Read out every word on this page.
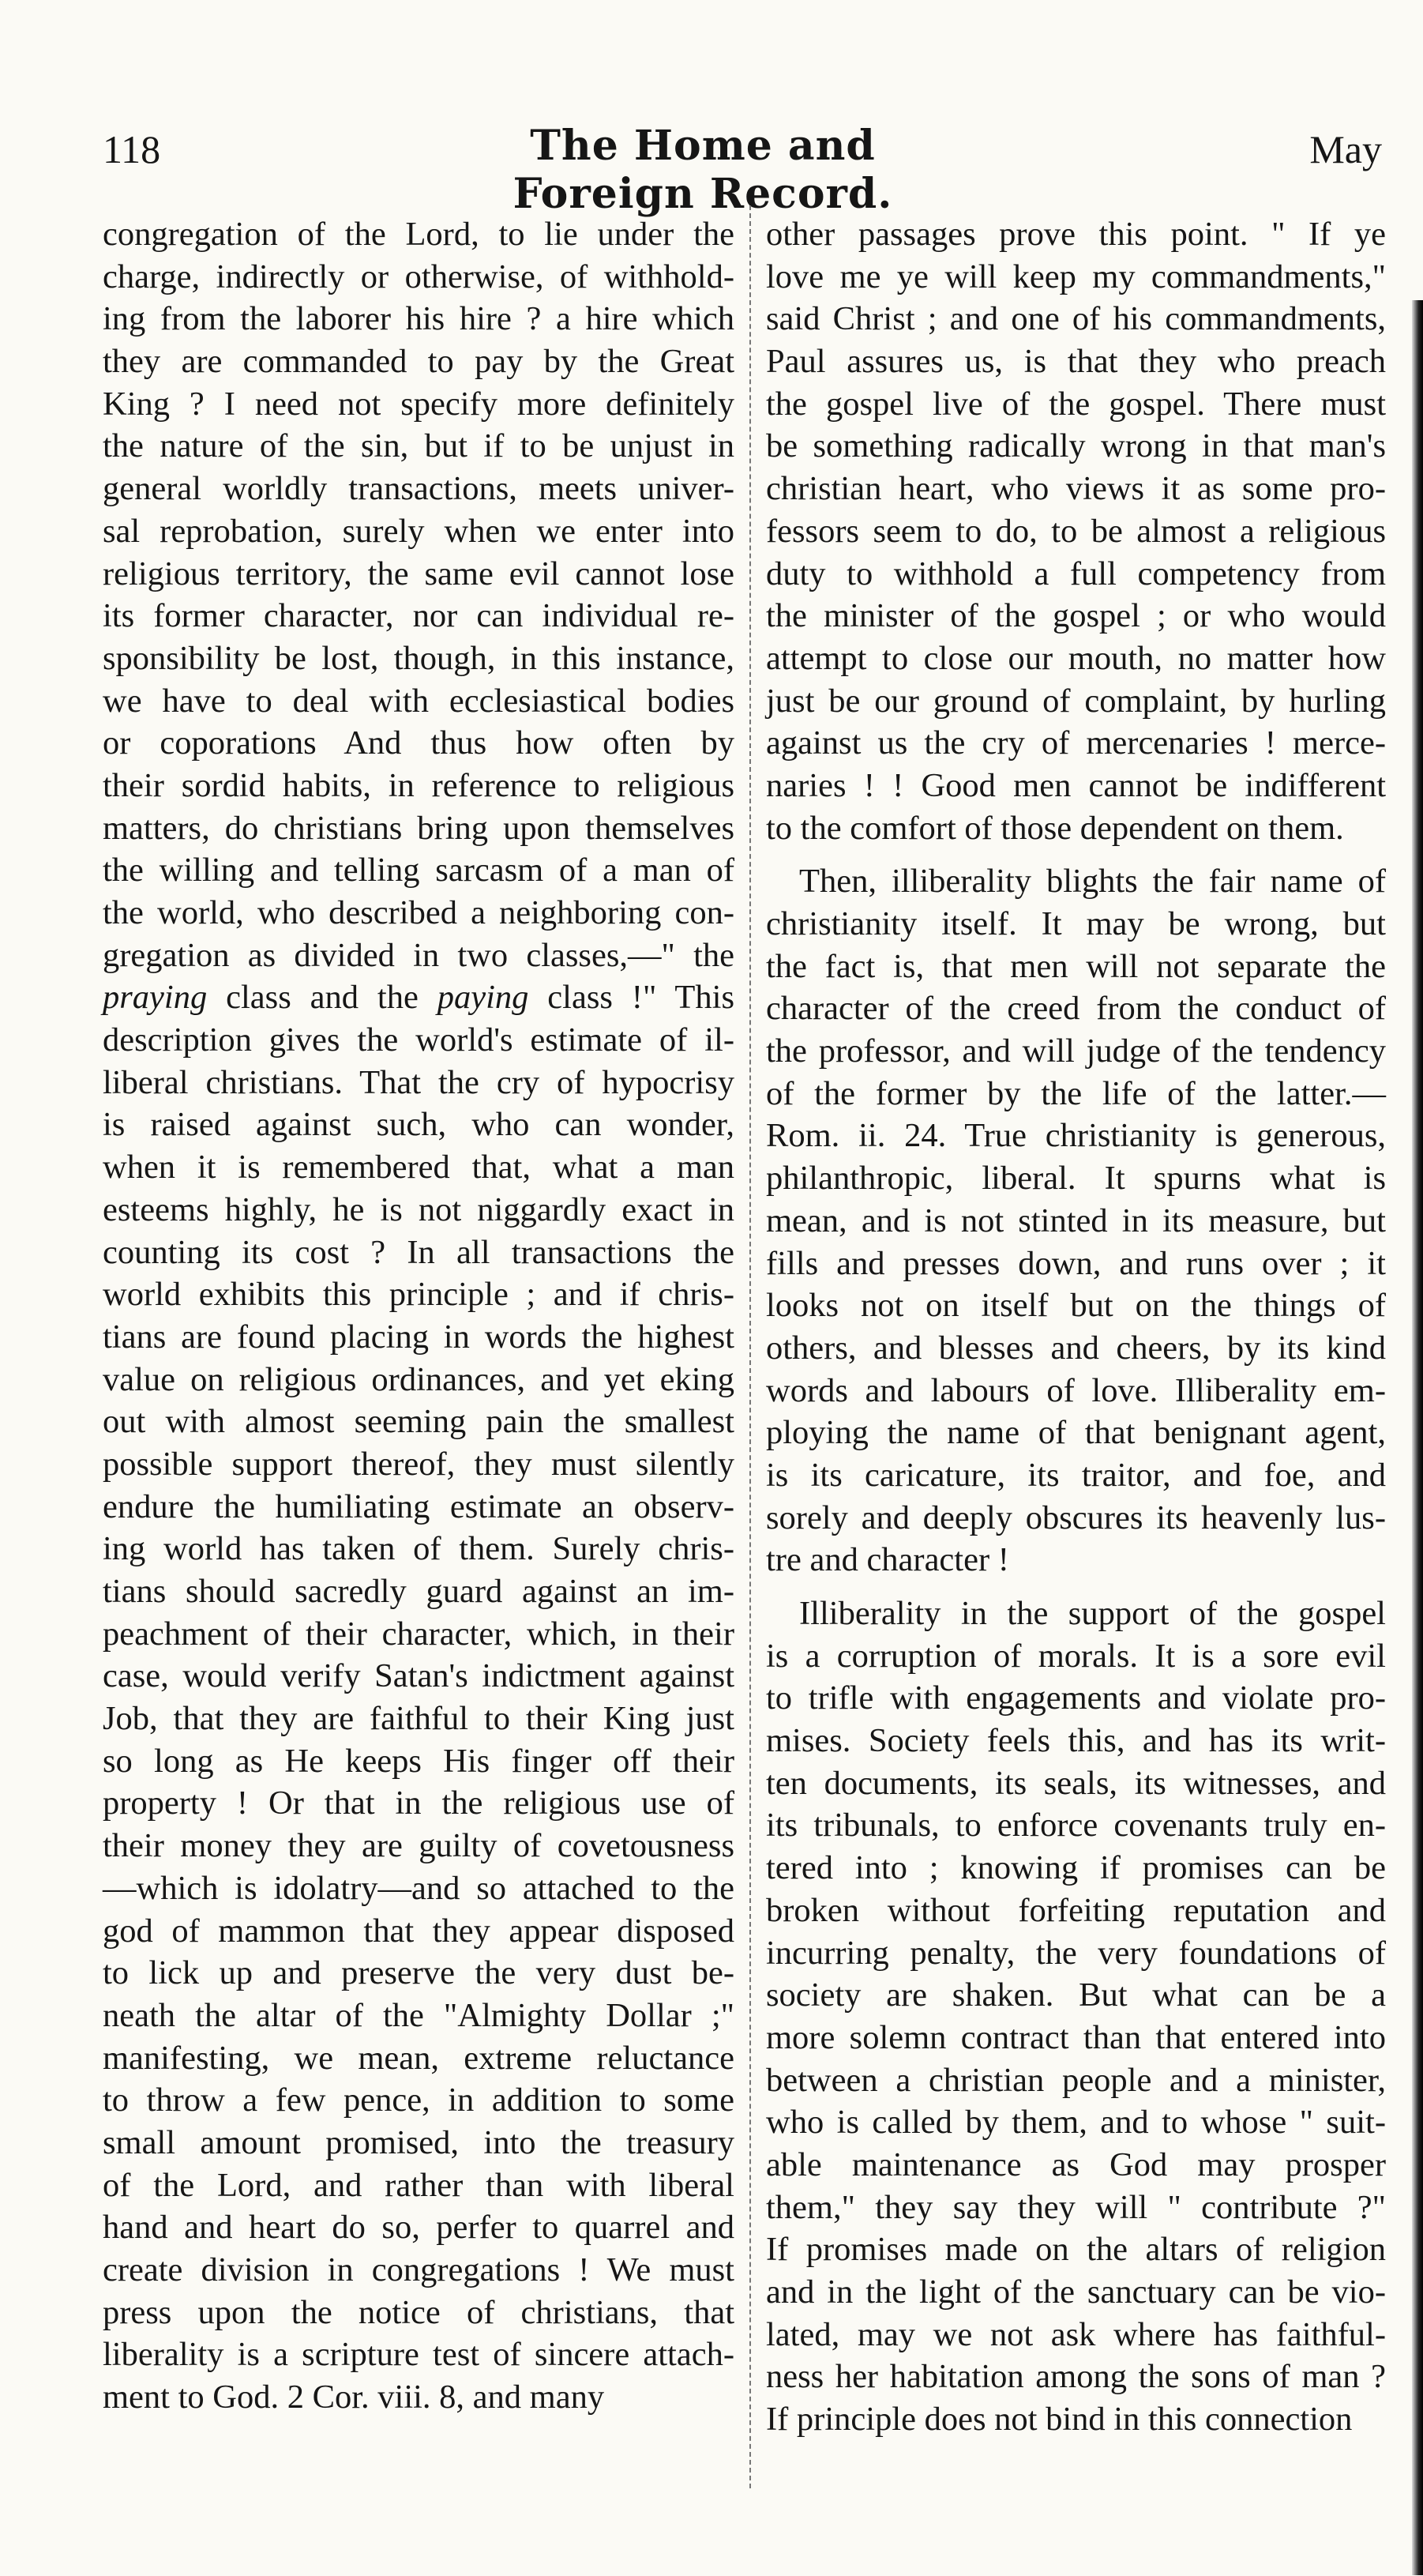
118	The Home and Foreign Record.
May
congregation of the Lord, to lie under the
charge, indirectly or otherwise, of withhold-
ing from the laborer his hire ? a hire which
they are commanded to pay by the Great
King ? I need not specify more definitely
the nature of the sin, but if to be unjust in
general worldly transactions, meets univer-
sal reprobation, surely when we enter into
religious territory, the same evil cannot lose
its former character, nor can individual re-
sponsibility be lost, though, in this instance,
we have to deal with ecclesiastical bodies
or coporations And thus how often by
their sordid habits, in reference to religious
matters, do christians bring upon themselves
the willing and telling sarcasm of a man of
the world, who described a neighboring con-
gregation as divided in two classes,—" the
praying class and the paying class !" This
description gives the world's estimate of il-
liberal christians. That the cry of hypocrisy
is raised against such, who can wonder,
when it is remembered that, what a man
esteems highly, he is not niggardly exact in
counting its cost ? In all transactions the
world exhibits this principle ; and if chris-
tians are found placing in words the highest
value on religious ordinances, and yet eking
out with almost seeming pain the smallest
possible support thereof, they must silently
endure the humiliating estimate an observ-
ing world has taken of them. Surely chris-
tians should sacredly guard against an im-
peachment of their character, which, in their
case, would verify Satan's indictment against
Job, that they are faithful to their King just
so long as He keeps His finger off their
property ! Or that in the religious use of
their money they are guilty of covetousness
—which is idolatry—and so attached to the
god of mammon that they appear disposed
to lick up and preserve the very dust be-
neath the altar of the "Almighty Dollar ;"
manifesting, we mean, extreme reluctance
to throw a few pence, in addition to some
small amount promised, into the treasury
of the Lord, and rather than with liberal
hand and heart do so, perfer to quarrel and
create division in congregations ! We must
press upon the notice of christians, that
liberality is a scripture test of sincere attach-
ment to God. 2 Cor. viii. 8, and many
other passages prove this point. " If ye
love me ye will keep my commandments,"
said Christ ; and one of his commandments,
Paul assures us, is that they who preach
the gospel live of the gospel. There must
be something radically wrong in that man's
christian heart, who views it as some pro-
fessors seem to do, to be almost a religious
duty to withhold a full competency from
the minister of the gospel ; or who would
attempt to close our mouth, no matter how
just be our ground of complaint, by hurling
against us the cry of mercenaries ! merce-
naries ! ! Good men cannot be indifferent
to the comfort of those dependent on them.
Then, illiberality blights the fair name of
christianity itself. It may be wrong, but
the fact is, that men will not separate the
character of the creed from the conduct of
the professor, and will judge of the tendency
of the former by the life of the latter.—
Rom. ii. 24. True christianity is generous,
philanthropic, liberal. It spurns what is
mean, and is not stinted in its measure, but
fills and presses down, and runs over ; it
looks not on itself but on the things of
others, and blesses and cheers, by its kind
words and labours of love. Illiberality em-
ploying the name of that benignant agent,
is its caricature, its traitor, and foe, and
sorely and deeply obscures its heavenly lus-
tre and character !
Illiberality in the support of the gospel
is a corruption of morals. It is a sore evil
to trifle with engagements and violate pro-
mises. Society feels this, and has its writ-
ten documents, its seals, its witnesses, and
its tribunals, to enforce covenants truly en-
tered into ; knowing if promises can be
broken without forfeiting reputation and
incurring penalty, the very foundations of
society are shaken. But what can be a
more solemn contract than that entered into
between a christian people and a minister,
who is called by them, and to whose " suit-
able maintenance as God may prosper
them," they say they will " contribute ?"
If promises made on the altars of religion
and in the light of the sanctuary can be vio-
lated, may we not ask where has faithful-
ness her habitation among the sons of man ?
If principle does not bind in this connection
